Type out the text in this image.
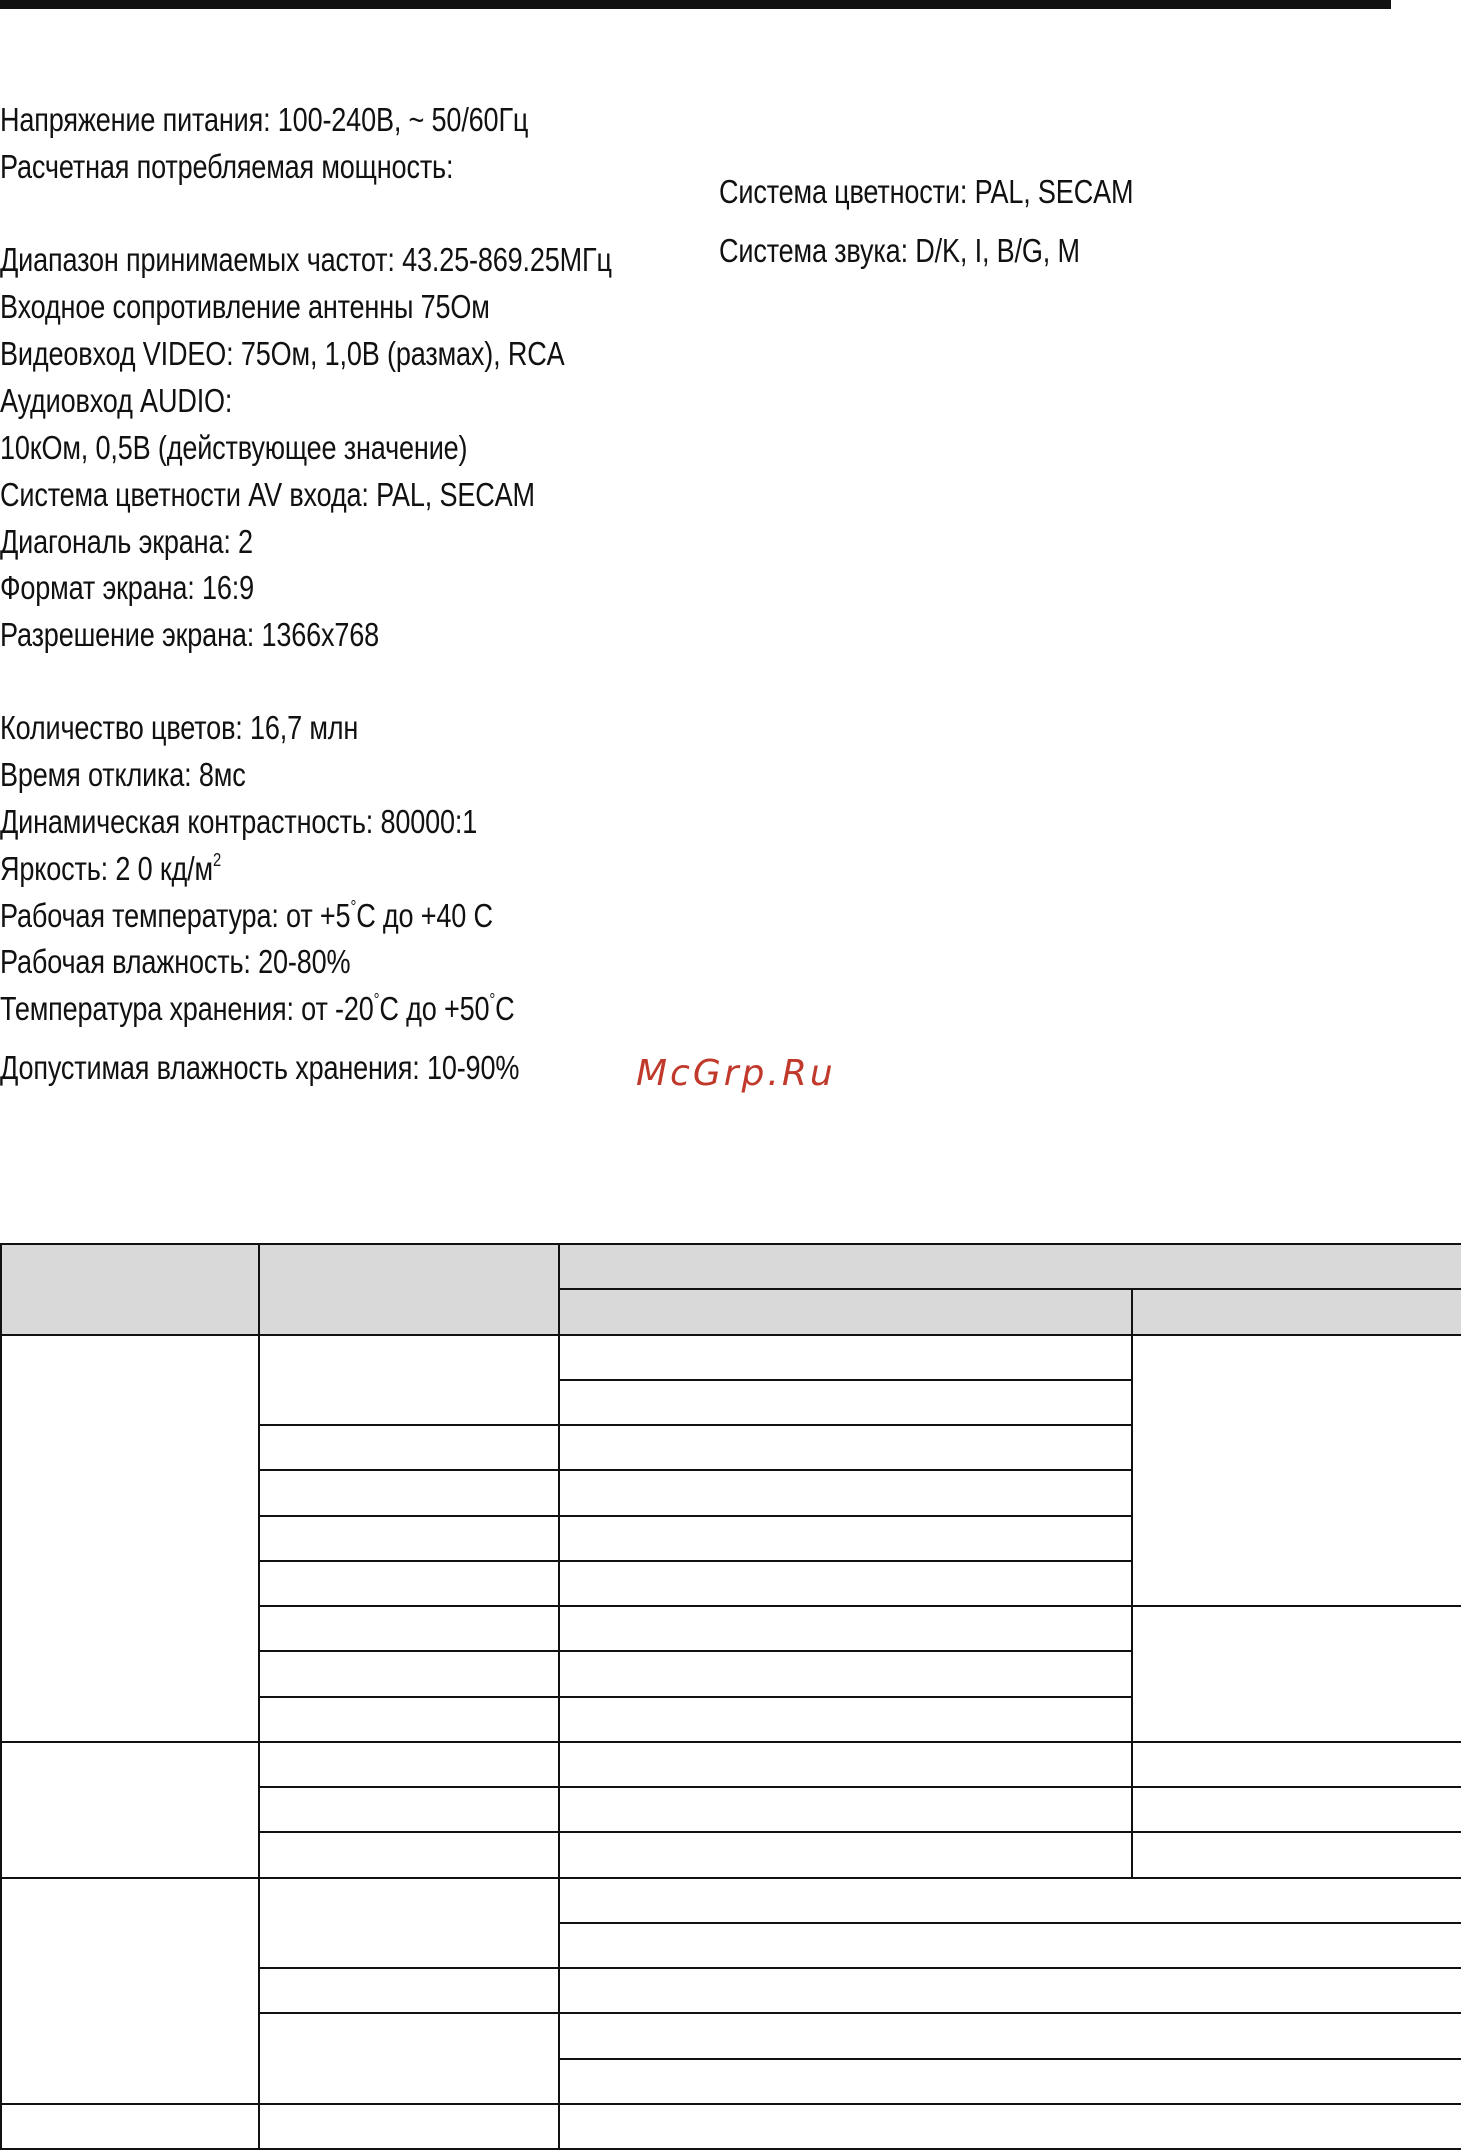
Напряжение питания: 100-240В, ~ 50/60Гц
Расчетная потребляемая мощность:
Диапазон принимаемых частот: 43.25-869.25МГц
Входное сопротивление антенны 75Ом
Видеовход VIDEO: 75Ом, 1,0В (размах), RCA
Аудиовход AUDIO:
10кОм, 0,5В (действующее значение)
Система цветности AV входа: PAL, SECAM
Диагональ экрана: 2
Формат экрана: 16:9
Разрешение экрана: 1366x768
Количество цветов: 16,7 млн
Время отклика: 8мс
Динамическая контрастность: 80000:1
Яркость: 2 0 $кд/м^2$
Рабочая температура: от +5°С до +40 С
Рабочая влажность: 20-80%
Температура хранения: от -20°С до +50°С
Допустимая влажность хранения: 10-90%
Система цветности: PAL, SECAM
Система звука: D/K, I, B/G, M
McGrp.Ru
